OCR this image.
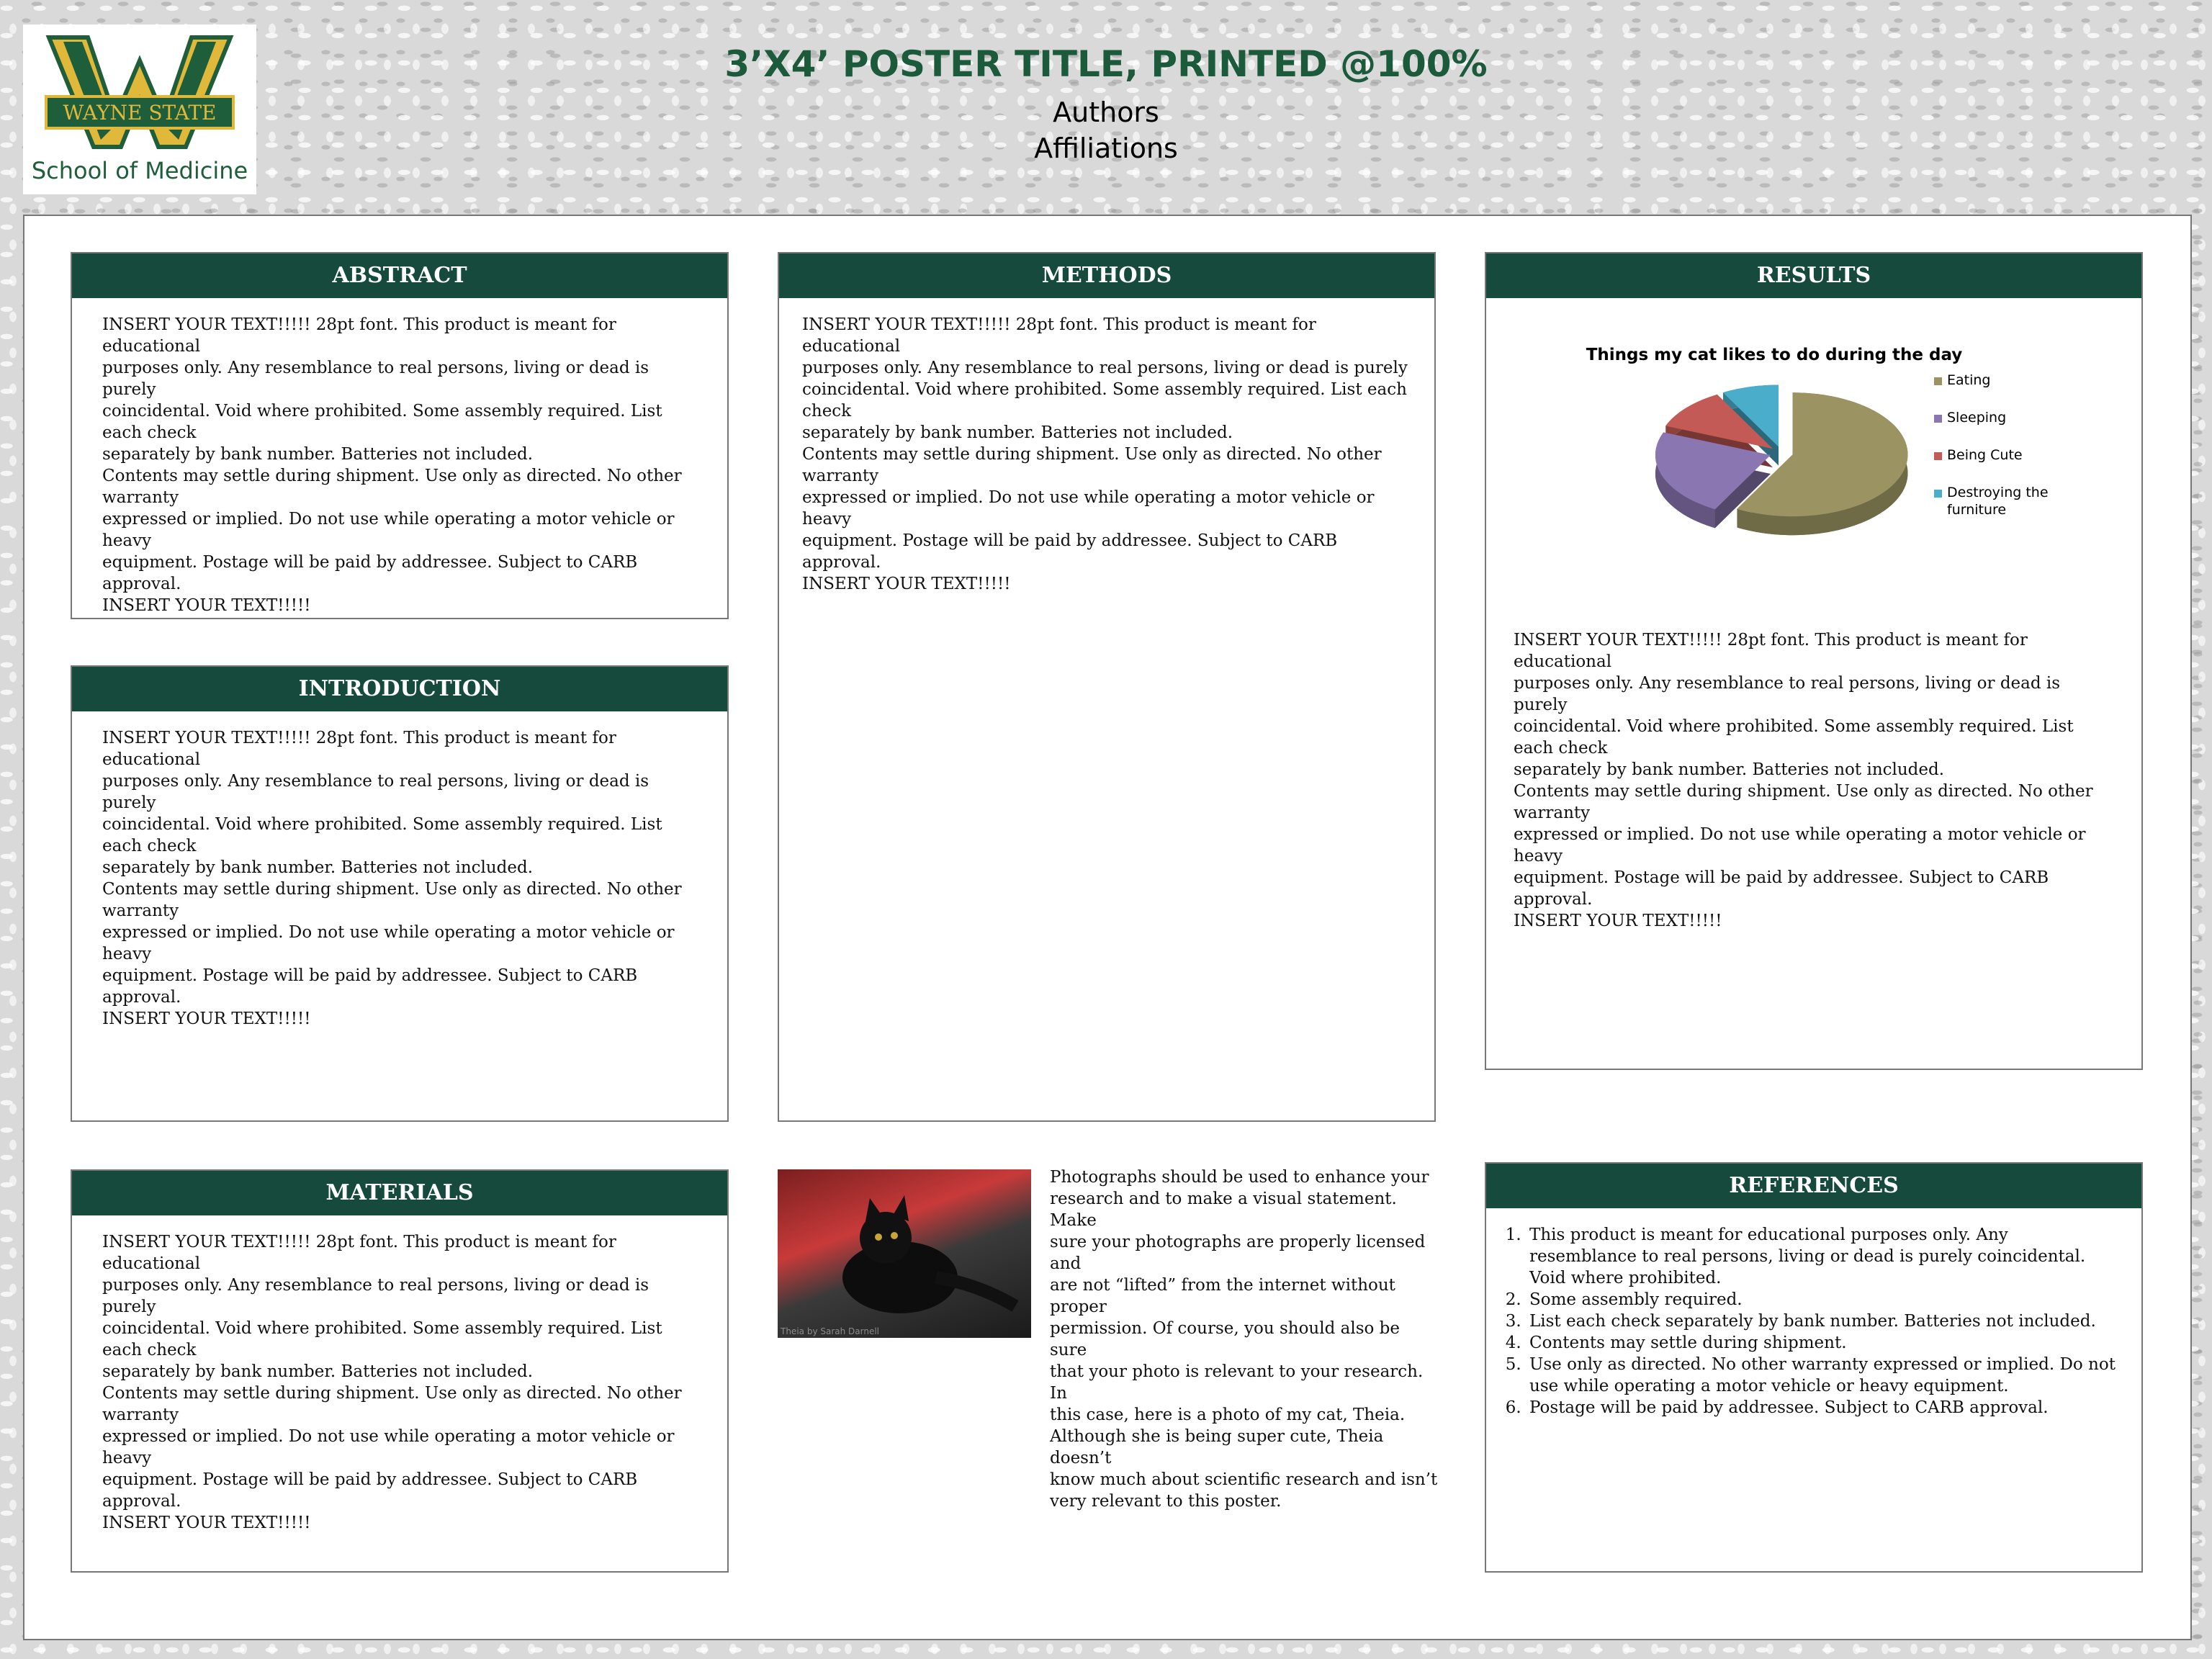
WAYNE STATE
School of Medicine
3’X4’ POSTER TITLE, PRINTED @100%
Authors
Affiliations
ABSTRACT

INSERT YOUR TEXT!!!!! 28pt font. This product is meant for educational

purposes only. Any resemblance to real persons, living or dead is purely

coincidental. Void where prohibited. Some assembly required. List each check

separately by bank number. Batteries not included.

Contents may settle during shipment. Use only as directed. No other warranty

expressed or implied. Do not use while operating a motor vehicle or heavy

equipment. Postage will be paid by addressee. Subject to CARB approval.

INSERT YOUR TEXT!!!!!

INTRODUCTION

INSERT YOUR TEXT!!!!! 28pt font. This product is meant for educational

purposes only. Any resemblance to real persons, living or dead is purely

coincidental. Void where prohibited. Some assembly required. List each check

separately by bank number. Batteries not included.

Contents may settle during shipment. Use only as directed. No other warranty

expressed or implied. Do not use while operating a motor vehicle or heavy

equipment. Postage will be paid by addressee. Subject to CARB approval.

INSERT YOUR TEXT!!!!!

MATERIALS

INSERT YOUR TEXT!!!!! 28pt font. This product is meant for educational

purposes only. Any resemblance to real persons, living or dead is purely

coincidental. Void where prohibited. Some assembly required. List each check

separately by bank number. Batteries not included.

Contents may settle during shipment. Use only as directed. No other warranty

expressed or implied. Do not use while operating a motor vehicle or heavy

equipment. Postage will be paid by addressee. Subject to CARB approval.

INSERT YOUR TEXT!!!!!

METHODS

INSERT YOUR TEXT!!!!! 28pt font. This product is meant for educational

purposes only. Any resemblance to real persons, living or dead is purely

coincidental. Void where prohibited. Some assembly required. List each check

separately by bank number. Batteries not included.

Contents may settle during shipment. Use only as directed. No other warranty

expressed or implied. Do not use while operating a motor vehicle or heavy

equipment. Postage will be paid by addressee. Subject to CARB approval.

INSERT YOUR TEXT!!!!!

RESULTS
Things my cat likes to do during the day
Eating
Sleeping
Being Cute
Destroying the furniture

INSERT YOUR TEXT!!!!! 28pt font. This product is meant for educational

purposes only. Any resemblance to real persons, living or dead is purely

coincidental. Void where prohibited. Some assembly required. List each check

separately by bank number. Batteries not included.

Contents may settle during shipment. Use only as directed. No other warranty

expressed or implied. Do not use while operating a motor vehicle or heavy

equipment. Postage will be paid by addressee. Subject to CARB approval.

INSERT YOUR TEXT!!!!!

REFERENCES
1. This product is meant for educational purposes only. Any resemblance to real persons, living or dead is purely coincidental. Void where prohibited.
2. Some assembly required.
3. List each check separately by bank number. Batteries not included.
4. Contents may settle during shipment.
5. Use only as directed. No other warranty expressed or implied. Do not use while operating a motor vehicle or heavy equipment.
6. Postage will be paid by addressee. Subject to CARB approval.
Theia by Sarah Darnell
Photographs should be used to enhance your
research and to make a visual statement. Make
sure your photographs are properly licensed and
are not “lifted” from the internet without proper
permission. Of course, you should also be sure
that your photo is relevant to your research. In
this case, here is a photo of my cat, Theia.
Although she is being super cute, Theia doesn’t
know much about scientific research and isn’t
very relevant to this poster.
